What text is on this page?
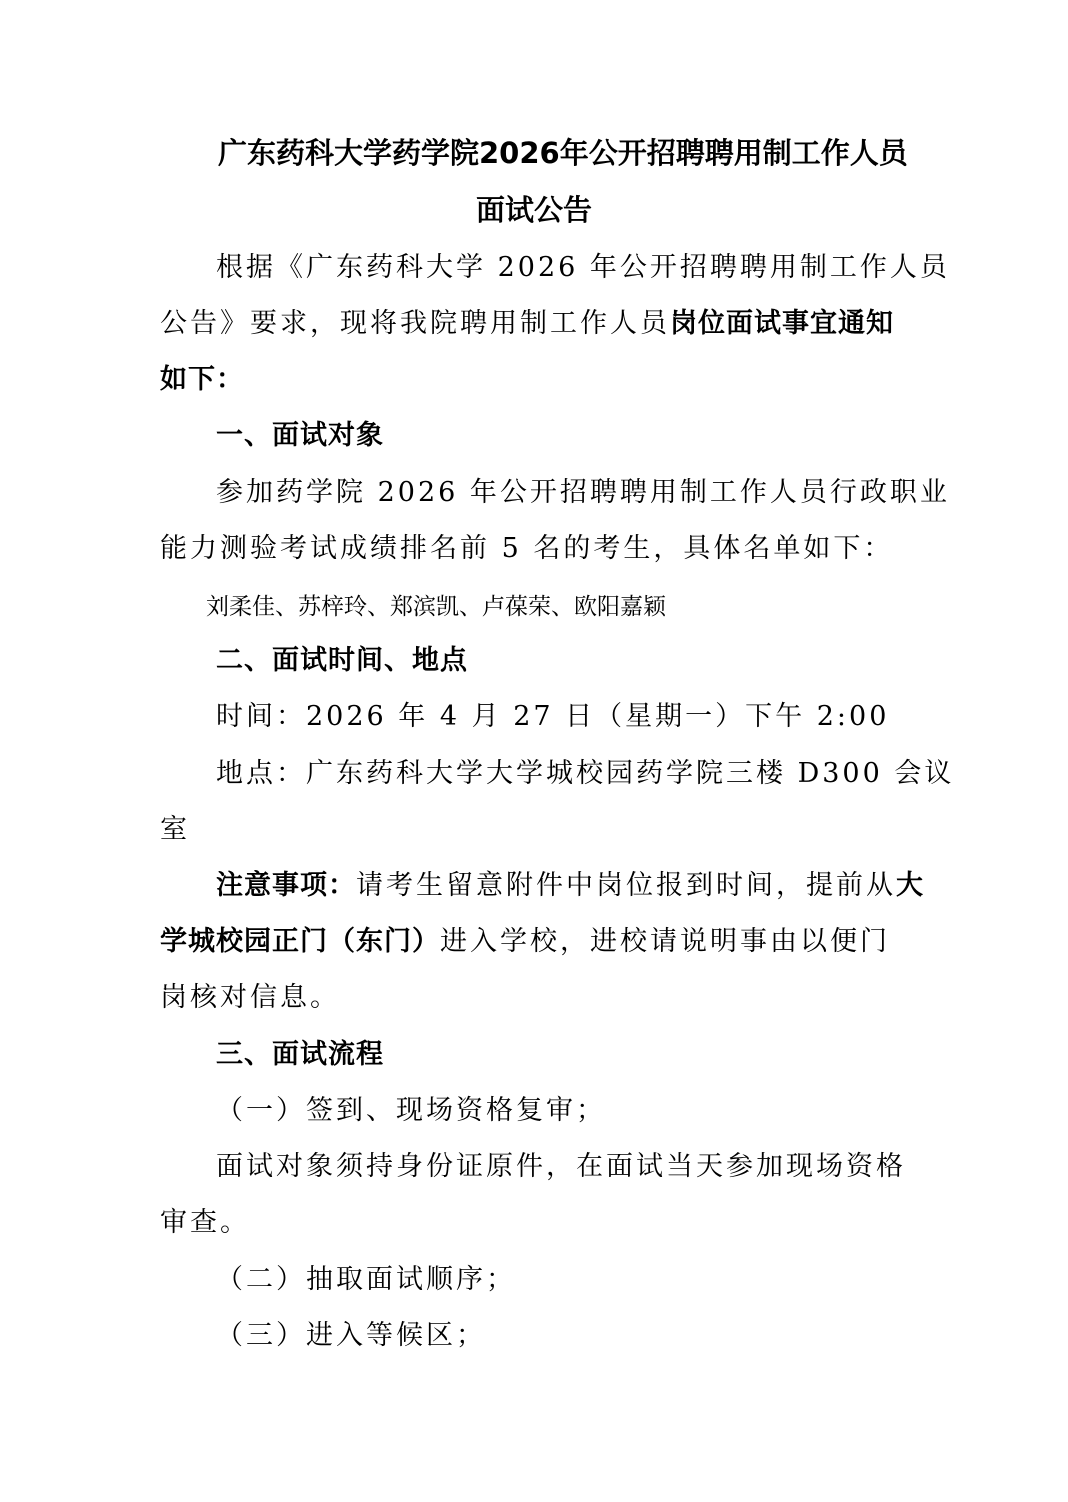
广东药科大学药学院2026年公开招聘聘用制工作人员
面试公告
根据《广东药科大学 2026 年公开招聘聘用制工作人员
公告》要求，现将我院聘用制工作人员岗位面试事宜通知
如下：
一、面试对象
参加药学院 2026 年公开招聘聘用制工作人员行政职业
能力测验考试成绩排名前 5 名的考生，具体名单如下：
刘柔佳、苏梓玲、郑滨凯、卢葆荣、欧阳嘉颖
二、面试时间、地点
时间：2026 年 4 月 27 日（星期一）下午 2:00
地点：广东药科大学大学城校园药学院三楼 D300 会议
室
注意事项：请考生留意附件中岗位报到时间，提前从大
学城校园正门（东门）进入学校，进校请说明事由以便门
岗核对信息。
三、面试流程
（一）签到、现场资格复审；
面试对象须持身份证原件，在面试当天参加现场资格
审查。
（二）抽取面试顺序；
（三）进入等候区；
